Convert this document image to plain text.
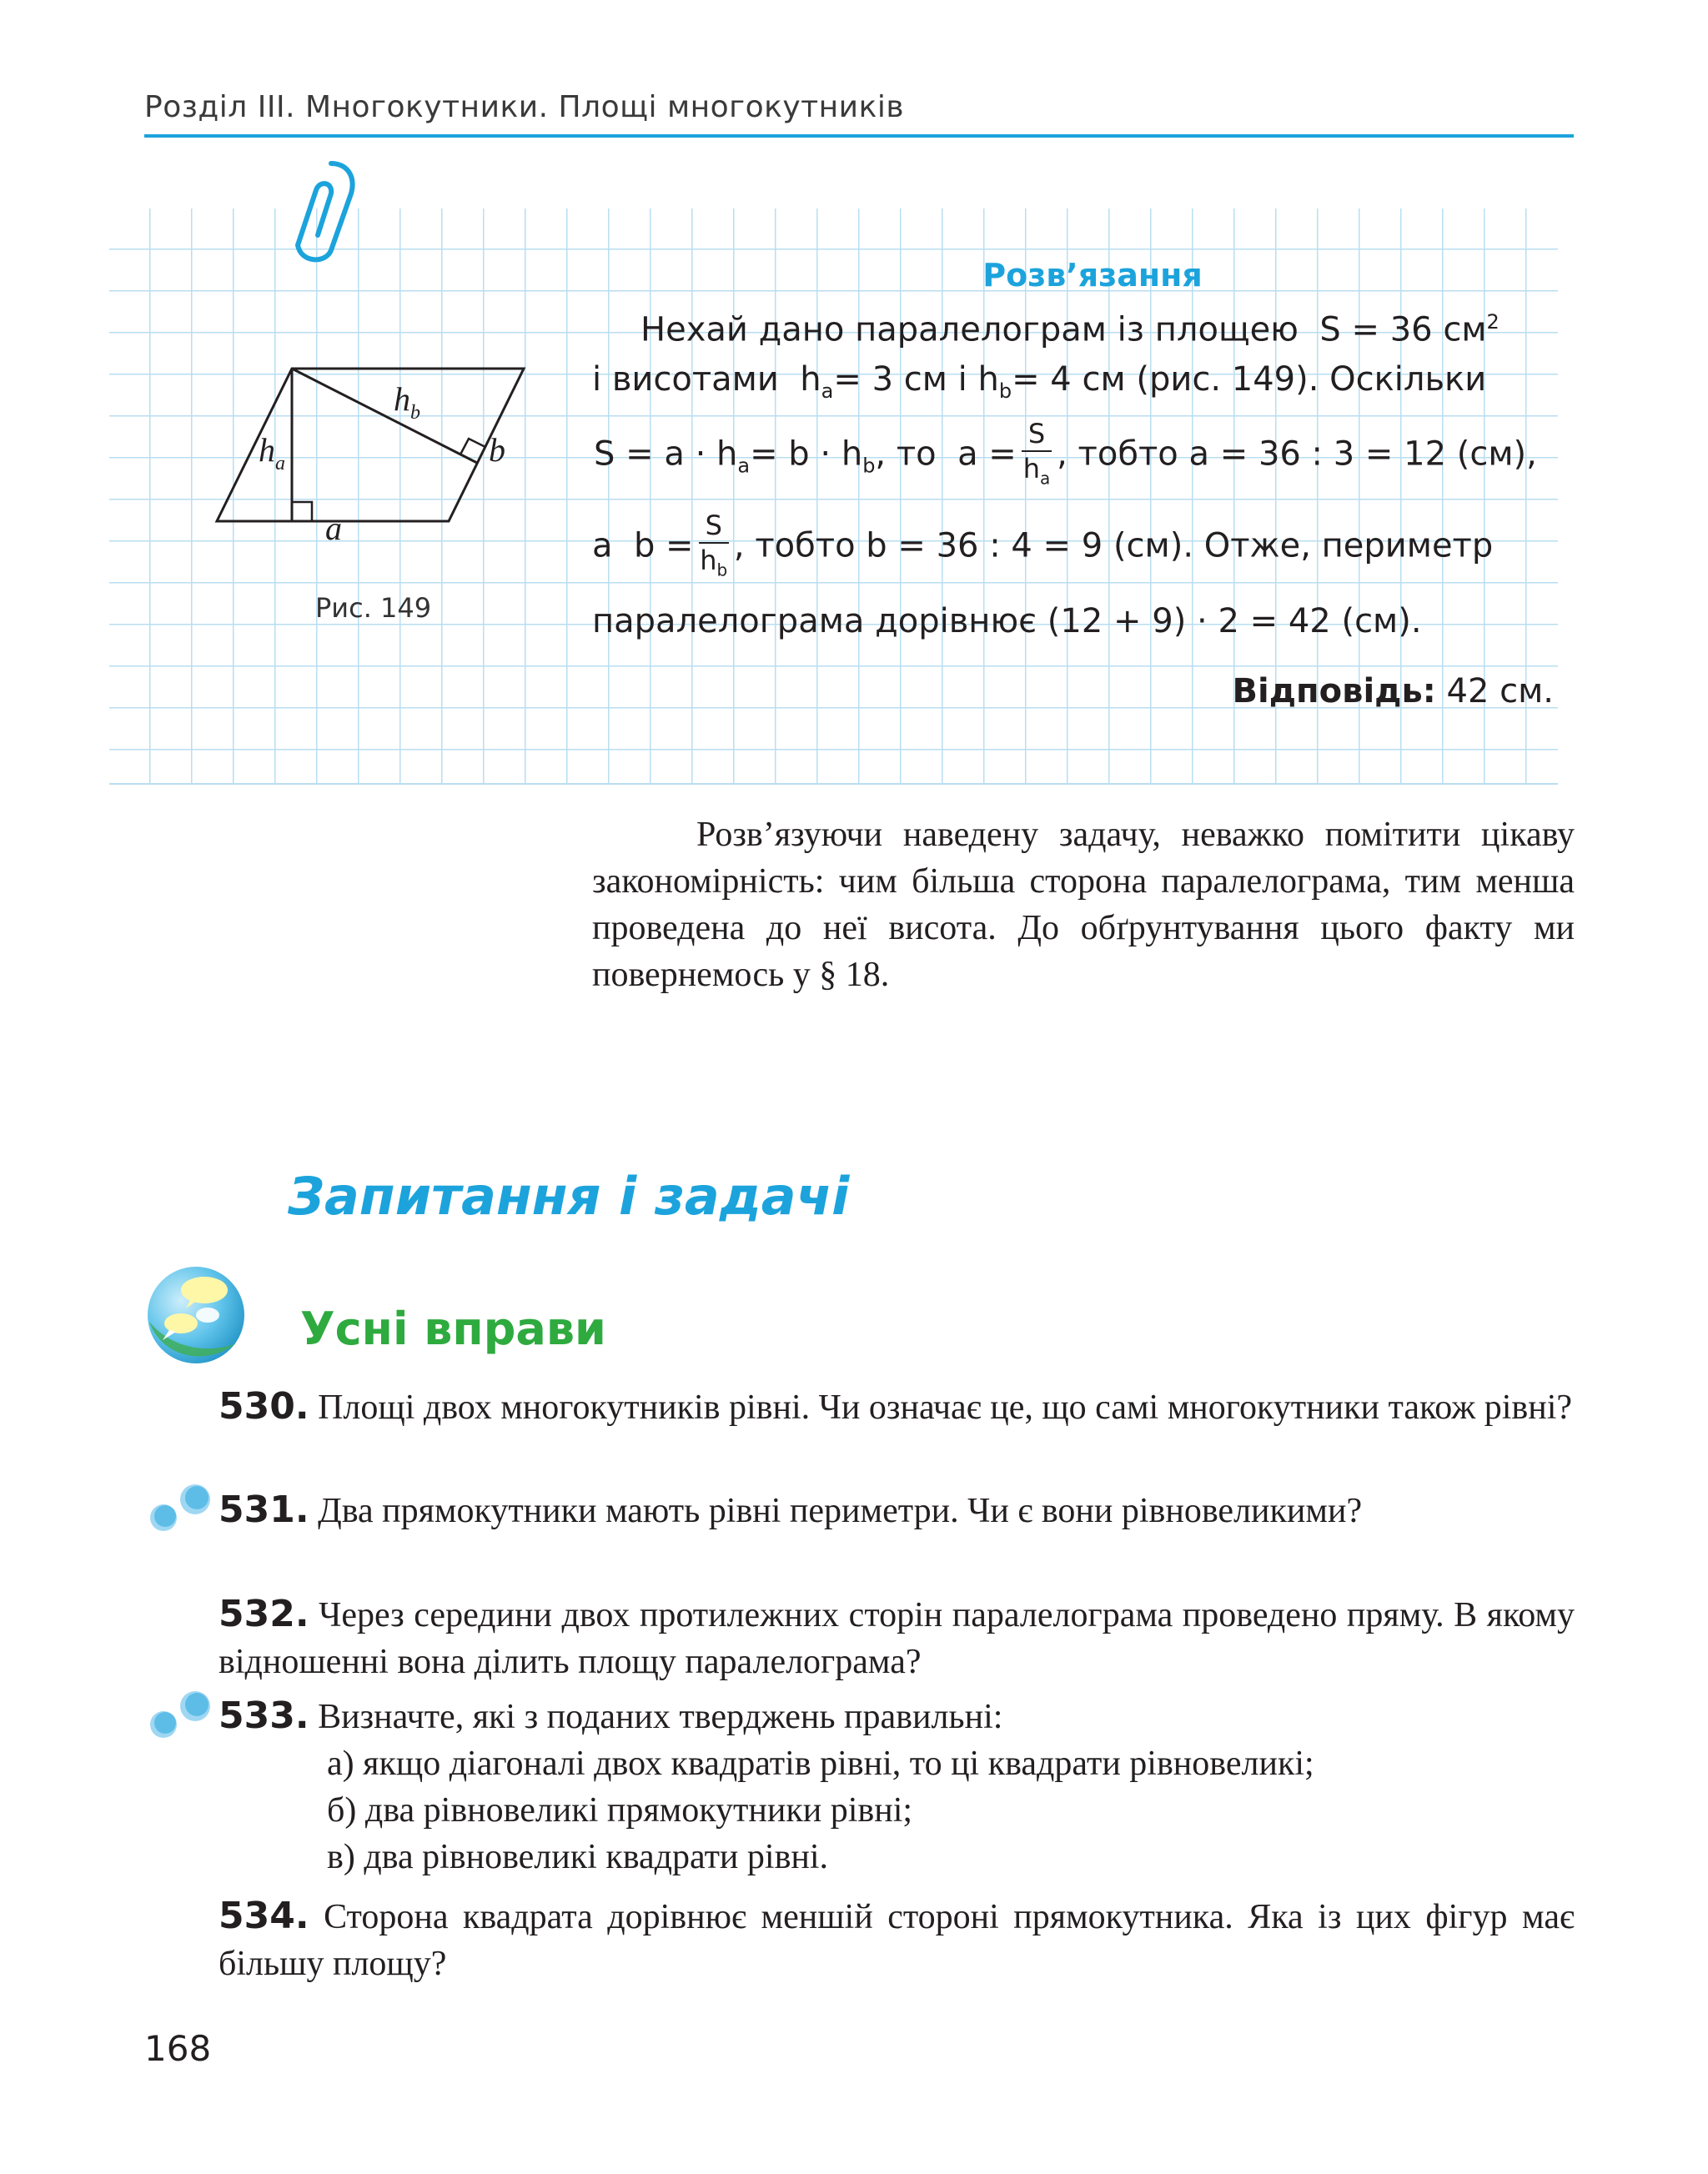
Розділ ІІІ. Многокутники. Площі многокутників
$h_b$
$h_a$	b
a
Рис. 149
Розв’язання
Нехай дано паралелограм із площею S = 36 $см^2$
і висотами $h_a= 3$ см і $h_b= 4$ см (рис. 149). Оскільки
$S = a \cdot h_a= b \cdot h_b$, то $a = \frac{S}{h_a}$ , тобто a = 36 : 3 = 12 (см),
а $b = \frac{S}{h_b}$ , тобто b = 36 : 4 = 9 (см). Отже, периметр
паралелограма дорівнює (12 + 9) · 2 = 42 (см).
Відповідь: 42 см.

Розв’язуючи наведену задачу, неважко помітити цікаву закономірність: чим більша сторона паралелограма, тим менша проведена до неї висота. До обґрунтування цього факту ми повернемось у § 18.

Запитання і задачі
Усні вправи

530. Площі двох многокутників рівні. Чи означає це, що самі многокутники також рівні?

531. Два прямокутники мають рівні периметри. Чи є вони рівновеликими?

532. Через середини двох протилежних сторін паралелограма проведено пряму. В якому відношенні вона ділить площу паралелограма?

533. Визначте, які з поданих тверджень правильні:

а) якщо діагоналі двох квадратів рівні, то ці квадрати рівновеликі;
б) два рівновеликі прямокутники рівні;
в) два рівновеликі квадрати рівні.

534. Сторона квадрата дорівнює меншій стороні прямокутника. Яка із цих фігур має більшу площу?

168
